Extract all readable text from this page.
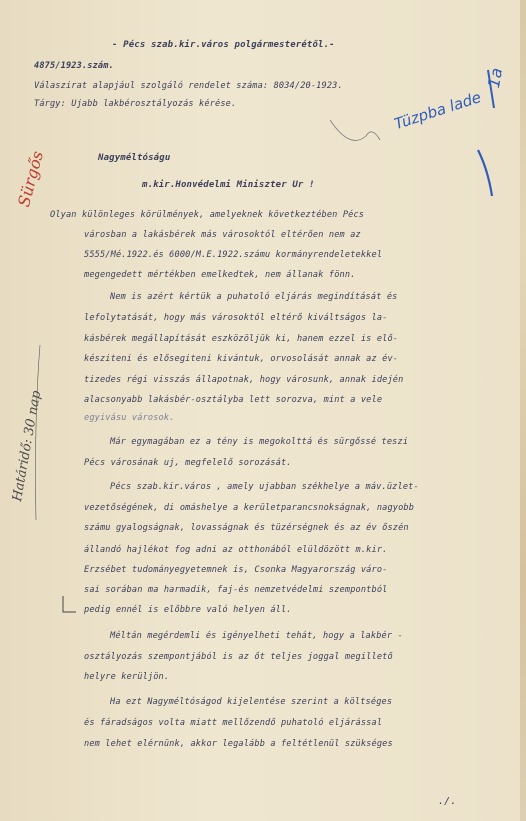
- Pécs szab.kir.város polgármesterétől.-
4875/1923.szám.
Válaszirat alapjául szolgáló rendelet száma: 8034/20-1923.
Tárgy: Ujabb lakbérosztályozás kérése.
Nagyméltóságu
m.kir.Honvédelmi Miniszter Ur !
Olyan különleges körülmények, amelyeknek következtében Pécs
városban a lakásbérek más városoktól eltérően nem az
5555/Mé.1922.és 6000/M.E.1922.számu kormányrendeletekkel
megengedett mértékben emelkedtek, nem állanak fönn.
Nem is azért kértük a puhatoló eljárás megindítását és
lefolytatását, hogy más városoktól eltérő kiváltságos la-
kásbérek megállapítását eszközöljük ki, hanem ezzel is elő-
késziteni és elősegiteni kivántuk, orvosolását annak az év-
tizedes régi visszás állapotnak, hogy városunk, annak idején
alacsonyabb lakásbér-osztályba lett sorozva, mint a vele
egyivásu városok.
Már egymagában ez a tény is megokolttá és sürgőssé teszi
Pécs városának uj, megfelelő sorozását.
Pécs szab.kir.város , amely ujabban székhelye a máv.üzlet-
vezetőségének, di omáshelye a kerületparancsnokságnak, nagyobb
számu gyalogságnak, lovasságnak és tüzérségnek és az év őszén
állandó hajlékot fog adni az otthonából elüldözött m.kir.
Erzsébet tudományegyetemnek is, Csonka Magyarország váro-
sai sorában ma harmadik, faj-és nemzetvédelmi szempontból
pedig ennél is előbbre való helyen áll.
Méltán megérdemli és igényelheti tehát, hogy a lakbér -
osztályozás szempontjából is az őt teljes joggal megillető
helyre kerüljön.
Ha ezt Nagyméltóságod kijelentése szerint a költséges
és fáradságos volta miatt mellőzendő puhatoló eljárással
nem lehet elérnünk, akkor legalább a feltétlenül szükséges
./.
Tüzpba lade
1a
Sürgős
Határidő: 30 nap
